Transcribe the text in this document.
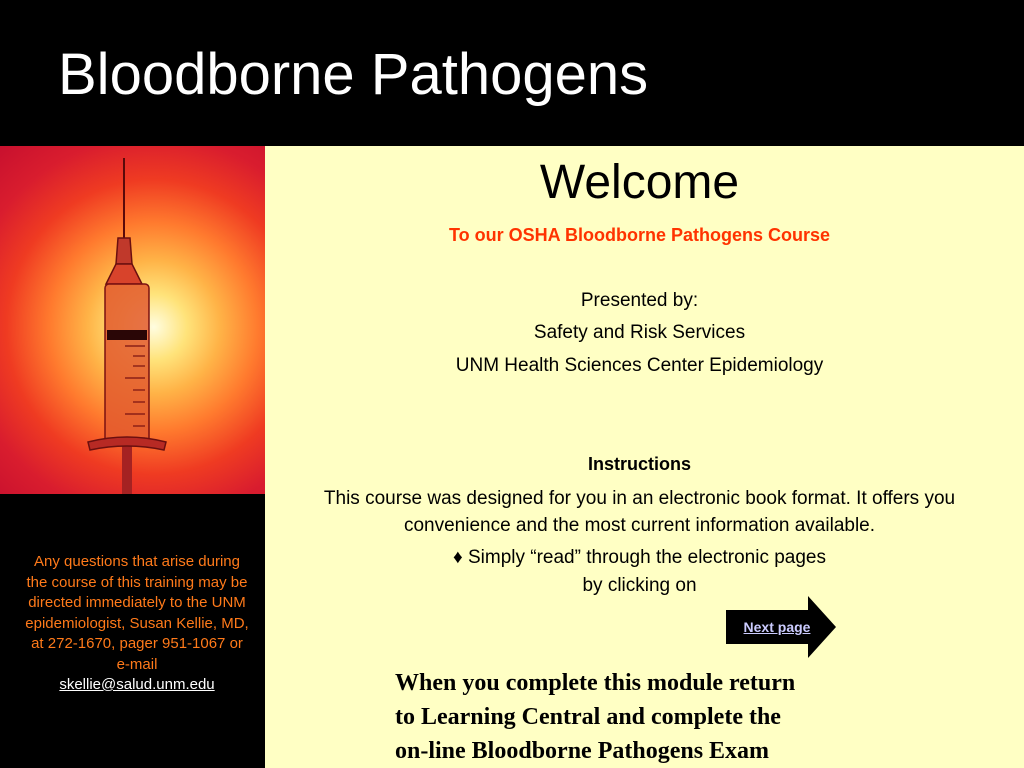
Bloodborne Pathogens
Any questions that arise during the course of this training may be directed immediately to the UNM epidemiologist, Susan Kellie, MD, at 272-1670, pager 951-1067 or e-mail
skellie@salud.unm.edu
Welcome

To our OSHA Bloodborne Pathogens Course

Presented by:

Safety and Risk Services

UNM Health Sciences Center Epidemiology

Instructions

This course was designed for you in an electronic book format. It offers you convenience and the most current information available.

♦ Simply “read” through the electronic pages
by clicking on

Next page
When you complete this module return
to Learning Central and complete the
on-line Bloodborne Pathogens Exam
